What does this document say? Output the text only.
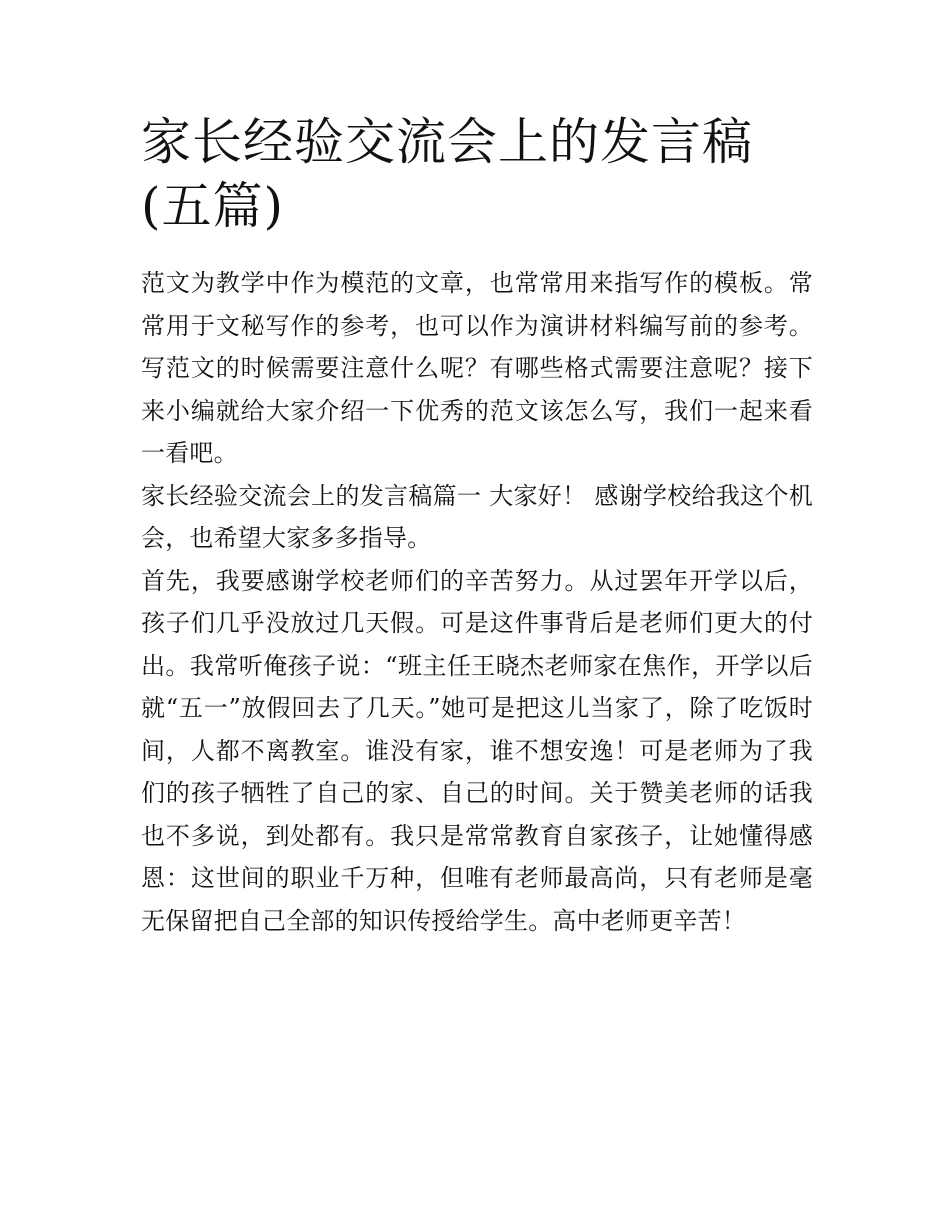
家长经验交流会上的发言稿(五篇)

范文为教学中作为模范的文章，也常常用来指写作的模板。常常用于文秘写作的参考，也可以作为演讲材料编写前的参考。写范文的时候需要注意什么呢？有哪些格式需要注意呢？接下来小编就给大家介绍一下优秀的范文该怎么写，我们一起来看一看吧。

家长经验交流会上的发言稿篇一 大家好！ 感谢学校给我这个机会，也希望大家多多指导。

首先，我要感谢学校老师们的辛苦努力。从过罢年开学以后，孩子们几乎没放过几天假。可是这件事背后是老师们更大的付出。我常听俺孩子说：“班主任王晓杰老师家在焦作，开学以后就“五一”放假回去了几天。”她可是把这儿当家了，除了吃饭时间，人都不离教室。谁没有家，谁不想安逸！可是老师为了我们的孩子牺牲了自己的家、自己的时间。关于赞美老师的话我也不多说，到处都有。我只是常常教育自家孩子，让她懂得感恩：这世间的职业千万种，但唯有老师最高尚，只有老师是毫无保留把自己全部的知识传授给学生。高中老师更辛苦！
